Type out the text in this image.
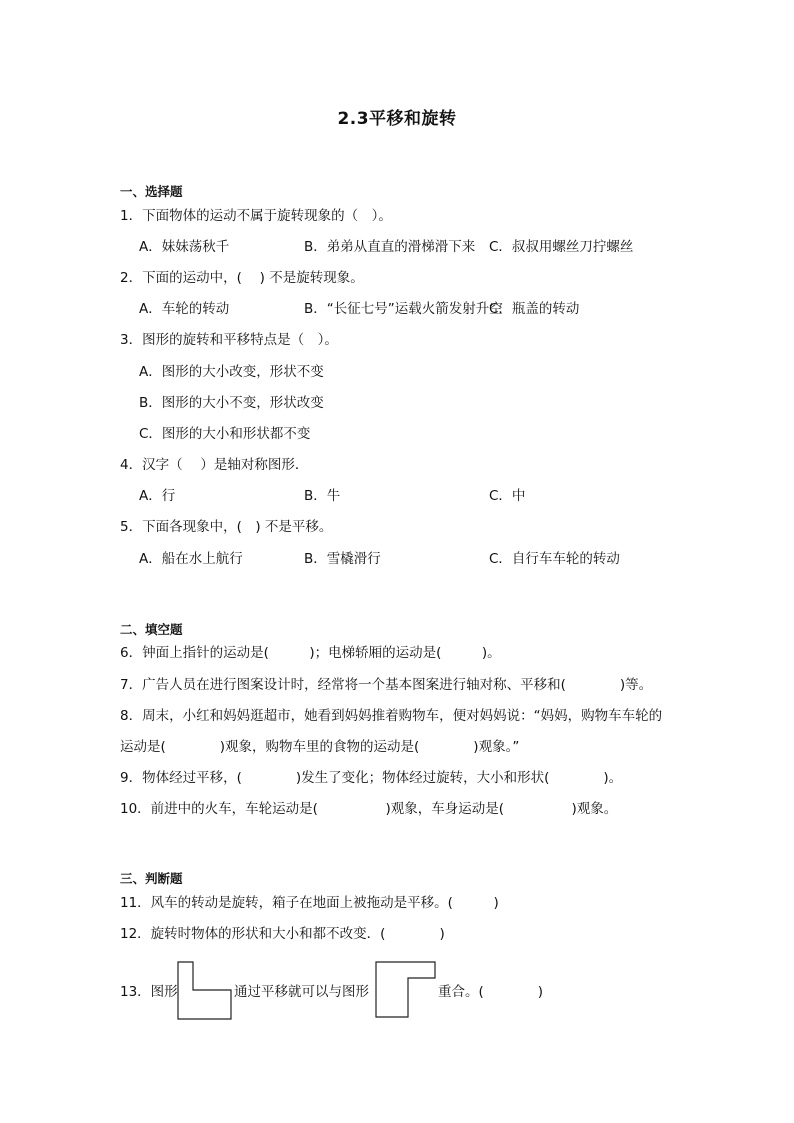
2.3平移和旋转
一、选择题
1．下面物体的运动不属于旋转现象的（　）。
A．妹妹荡秋千	B．弟弟从直直的滑梯滑下来 C．叔叔用螺丝刀拧螺丝
2．下面的运动中，(　 ) 不是旋转现象。
A．车轮的转动	B．“长征七号”运载火箭发射升空
C．瓶盖的转动
3．图形的旋转和平移特点是（　）。
A．图形的大小改变，形状不变
B．图形的大小不变，形状改变
C．图形的大小和形状都不变
4．汉字（　 ）是轴对称图形．
A．行	B．牛	C．中
5．下面各现象中，(　) 不是平移。
A．船在水上航行	B．雪橇滑行	C．自行车车轮的转动
二、填空题
6．钟面上指针的运动是(　　　)；电梯轿厢的运动是(　　　)。
7．广告人员在进行图案设计时，经常将一个基本图案进行轴对称、平移和(　　　　)等。
8．周末，小红和妈妈逛超市，她看到妈妈推着购物车，便对妈妈说：“妈妈，购物车车轮的
运动是(　　　　)观象，购物车里的食物的运动是(　　　　)观象。”
9．物体经过平移，(　　　　)发生了变化；物体经过旋转，大小和形状(　　　　)。
10．前进中的火车，车轮运动是(　　　　　)观象，车身运动是(　　　　　)观象。
三、判断题
11．风车的转动是旋转，箱子在地面上被拖动是平移。(　　　)
12．旋转时物体的形状和大小和都不改变．(　　　　)
13．图形	通过平移就可以与图形	重合。(　　　　)
